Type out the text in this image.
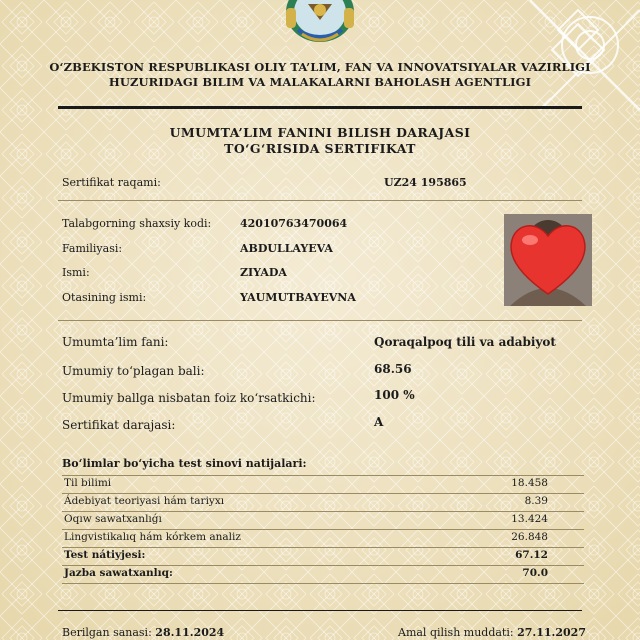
O‘ZBEKISTON RESPUBLIKASI OLIY TA’LIM, FAN VA INNOVATSIYALAR VAZIRLIGI
HUZURIDAGI BILIM VA MALAKALARNI BAHOLASH AGENTLIGI
UMUMTA’LIM FANINI BILISH DARAJASI
TO‘G‘RISIDA SERTIFIKAT
Sertifikat raqami:	UZ24 195865
Talabgorning shaxsiy kodi:	42010763470064
Familiyasi:	ABDULLAYEVA
Ismi:	ZIYADA
Otasining ismi:	YAUMUTBAYEVNA
Umumta’lim fani:	Qoraqalpoq tili va adabiyot
Umumiy to‘plagan bali:	68.56
Umumiy ballga nisbatan foiz ko‘rsatkichi:	100 %
Sertifikat darajasi:	A
Bo‘limlar bo‘yicha test sinovi natijalari:
Til bilimi	18.458
Ádebiyat teoriyasi hám tariyxı	8.39
Oqıw sawatxanlıǵı	13.424
Lingvistikalıq hám kórkem analiz	26.848
Test nátiyjesi:	67.12
Jazba sawatxanlıq:	70.0
Berilgan sanasi: 28.11.2024	Amal qilish muddati: 27.11.2027
